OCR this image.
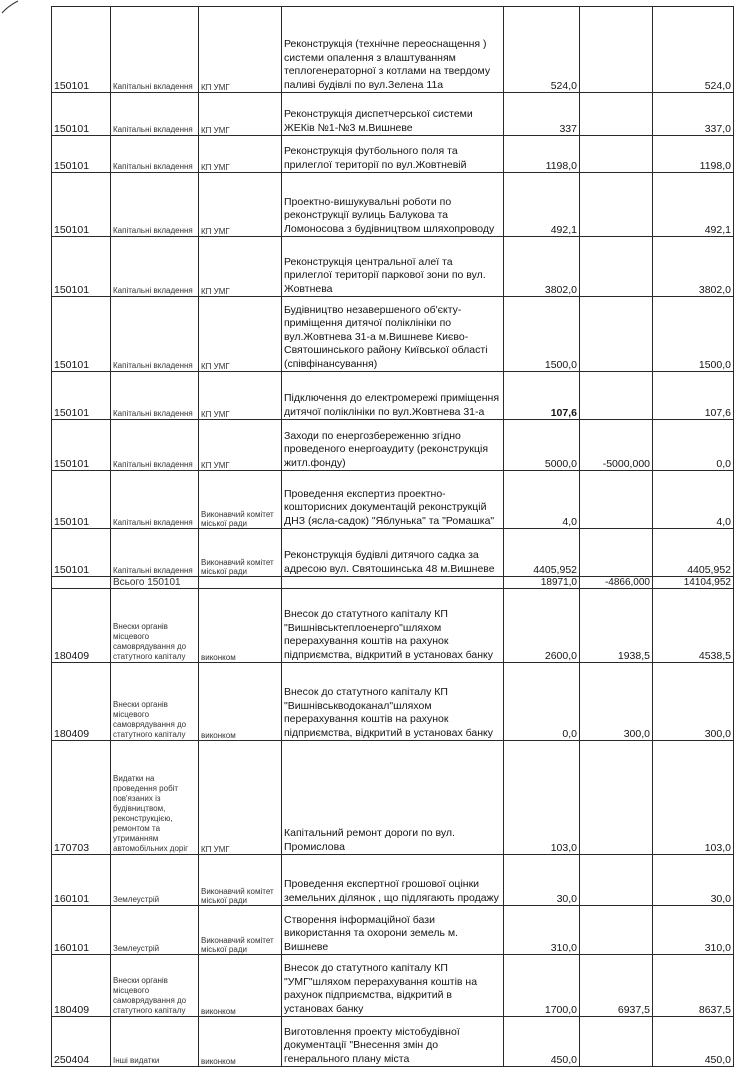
150101	Капітальні вкладення	КП УМГ	Реконструкція (технічне переоснащення ) системи опалення з влаштуванням теплогенераторної з котлами на твердому паливі будівлі по вул.Зелена 11а	524,0		524,0
150101	Капітальні вкладення	КП УМГ	Реконструкція диспетчерської системи ЖЕКів №1-№3 м.Вишневе	337		337,0
150101	Капітальні вкладення	КП УМГ	Реконструкція футбольного поля та прилеглої території по вул.Жовтневій	1198,0		1198,0
150101	Капітальні вкладення	КП УМГ	Проектно-вишукувальні роботи по реконструкції вулиць Балукова та Ломоносова з будівництвом шляхопроводу	492,1		492,1
150101	Капітальні вкладення	КП УМГ	Реконструкція центральної алеї та прилеглої території паркової зони по вул. Жовтнева	3802,0		3802,0
150101	Капітальні вкладення	КП УМГ	Будівництво незавершеного об'єкту-приміщення дитячої поліклініки по вул.Жовтнева 31-а м.Вишневе Києво-Святошинського району Київської області (співфінансування)	1500,0		1500,0
150101	Капітальні вкладення	КП УМГ	Підключення до електромережі приміщення дитячої поліклініки по вул.Жовтнева 31-а	107,6		107,6
150101	Капітальні вкладення	КП УМГ	Заходи по енергозбереженню згідно проведеного енергоаудиту (реконструкція житл.фонду)	5000,0	-5000,000	0,0
150101	Капітальні вкладення	Виконавчий комітет міської ради	Проведення експертиз проектно-кошторисних документацій реконструкцій ДНЗ (ясла-садок) "Яблунька" та "Ромашка"	4,0		4,0
150101	Капітальні вкладення	Виконавчий комітет міської ради	Реконструкція будівлі дитячого садка за адресою вул. Святошинська 48 м.Вишневе	4405,952		4405,952
	Всього 150101			18971,0	-4866,000	14104,952
180409	Внески органів місцевого самоврядування до статутного капіталу	виконком	Внесок до статутного капіталу КП "Вишнівськтеплоенерго"шляхом перерахування коштів на рахунок підприємства, відкритий в установах банку	2600,0	1938,5	4538,5
180409	Внески органів місцевого самоврядування до статутного капіталу	виконком	Внесок до статутного капіталу КП "Вишнівськводоканал"шляхом перерахування коштів на рахунок підприємства, відкритий в установах банку	0,0	300,0	300,0
170703	Видатки на проведення робіт пов'язаних із будівництвом, реконструкцією, ремонтом та утриманням автомобільних доріг	КП УМГ	Капітальний ремонт дороги по вул. Промислова	103,0		103,0
160101	Землеустрій	Виконавчий комітет міської ради	Проведення експертної грошової оцінки земельних ділянок , що підлягають продажу	30,0		30,0
160101	Землеустрій	Виконавчий комітет міської ради	Створення інформаційної бази використання та охорони земель м. Вишневе	310,0		310,0
180409	Внески органів місцевого самоврядування до статутного капіталу	виконком	Внесок до статутного капіталу КП "УМГ"шляхом перерахування коштів на рахунок підприємства, відкритий в установах банку	1700,0	6937,5	8637,5
250404	Інші видатки	виконком	Виготовлення проекту містобудівної документації "Внесення змін до генерального плану міста	450,0		450,0
